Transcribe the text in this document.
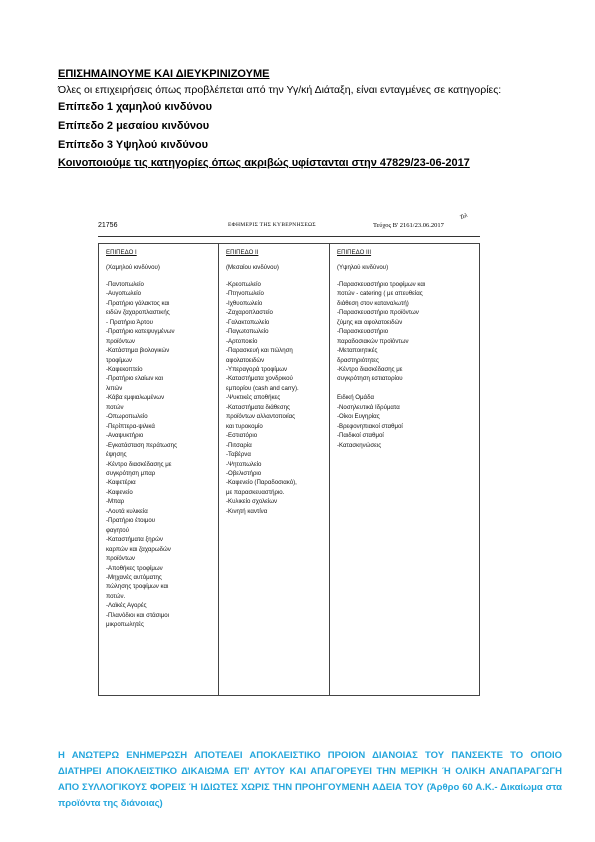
ΕΠΙΣΗΜΑΙΝΟΥΜΕ ΚΑΙ ΔΙΕΥΚΡΙΝΙΖΟΥΜΕ
Όλες οι επιχειρήσεις όπως προβλέπεται από την Υγ/κή Διάταξη, είναι ενταγμένες σε κατηγορίες:
Επίπεδο 1 χαμηλού κινδύνου
Επίπεδο 2 μεσαίου κινδύνου
Επίπεδο 3 Υψηλού κινδύνου
Κοινοποιούμε τις κατηγορίες όπως ακριβώς υφίστανται στην 47829/23-06-2017
21756	ΕΦΗΜΕΡΙΣ ΤΗΣ ΚΥΒΕΡΝΗΣΕΩΣ	Τεύχος Β' 2161/23.06.2017
Τελ
ΕΠΙΠΕΔΟ Ι
(Χαμηλού κινδύνου)
-Παντοπωλείο
-Αυγοπωλείο
-Πρατήριο γάλακτος και
ειδών ζαχαροπλαστικής
- Πρατήριο Άρτου
-Πρατήριο κατεψυγμένων
προϊόντων
-Κατάστημα βιολογικών
τροφίμων
-Καφεκοπτείο
-Πρατήριο ελαίων και
λιπών
-Κάβα εμφιαλωμένων
ποτών
-Οπωροπωλείο
-Περίπτερα-ψιλικά
-Αναψυκτήριο
-Εγκατάσταση περάτωσης
έψησης
-Κέντρο διασκέδασης με
συγκρότηση μπαρ
-Καφετέρια
-Καφενείο
-Μπαρ
-Λουτά κυλικεία
-Πρατήριο έτοιμου
φαγητού
-Καταστήματα ξηρών
καρπών και ζαχαρωδών
προϊόντων
-Αποθήκες τροφίμων
-Μηχανές αυτόματης
πώλησης τροφίμων και
ποτών.
-Λαϊκές Αγορές
-Πλανόδιοι και στάσιμοι
μικροπωλητές
ΕΠΙΠΕΔΟ ΙΙ
(Μεσαίου κινδύνου)
-Κρεοπωλείο
-Πτηνοπωλείο
-Ιχθυοπωλείο
-Ζαχαροπλαστείο
-Γαλακτοπωλείο
-Παγωτοπωλείο
-Αρτοποιείο
-Παρασκευή και πώληση
αφολατοειδών
-Υπεραγορά τροφίμων
-Καταστήματα χονδρικού
εμπορίου (cash and carry).
-Ψυκτικές αποθήκες
-Καταστήματα διάθεσης
προϊόντων αλλαντοποιίας
και τυροκομίο
-Εστιατόριο
-Πιτσαρία
-Ταβέρνα
-Ψητοπωλείο
-Οβελιστήριο
-Καφενείο (Παραδοσιακό),
με παρασκευαστήριο.
-Κυλικείο σχολείων
-Κινητή καντίνα
ΕΠΙΠΕΔΟ ΙΙΙ
(Υψηλού κινδύνου)
-Παρασκευαστήριο τροφίμων και
ποτών - catering ( με απευθείας
διάθεση στον καταναλωτή)
-Παρασκευαστήριο προϊόντων
ζύμης και αφολατοειδών
-Παρασκευαστήριο
παραδοσιακών προϊόντων
-Μεταποιητικές
δραστηριότητες
-Κέντρο διασκέδασης με
συγκρότηση εστιατορίου
Ειδική Ομάδα
-Νοσηλευτικά Ιδρύματα
-Οίκοι Ευγηρίας
-Βρεφονηπιακοί σταθμοί
-Παιδικοί σταθμοί
-Κατασκηνώσεις
Η ΑΝΩΤΕΡΩ ΕΝΗΜΕΡΩΣΗ ΑΠΟΤΕΛΕΙ ΑΠΟΚΛΕΙΣΤΙΚΟ ΠΡΟΙΟΝ ΔΙΑΝΟΙΑΣ ΤΟΥ ΠΑΝΣΕΚΤΕ ΤΟ ΟΠΟΙΟ ΔΙΑΤΗΡΕΙ ΑΠΟΚΛΕΙΣΤΙΚΟ ΔΙΚΑΙΩΜΑ ΕΠ' ΑΥΤΟΥ ΚΑΙ ΑΠΑΓΟΡΕΥΕΙ ΤΗΝ ΜΕΡΙΚΗ Ή ΟΛΙΚΗ ΑΝΑΠΑΡΑΓΩΓΗ ΑΠΟ ΣΥΛΛΟΓΙΚΟΥΣ ΦΟΡΕΙΣ Ή ΙΔΙΩΤΕΣ ΧΩΡΙΣ ΤΗΝ ΠΡΟΗΓΟΥΜΕΝΗ ΑΔΕΙΑ ΤΟΥ (Άρθρο 60 Α.Κ.- Δικαίωμα στα προϊόντα της διάνοιας)
